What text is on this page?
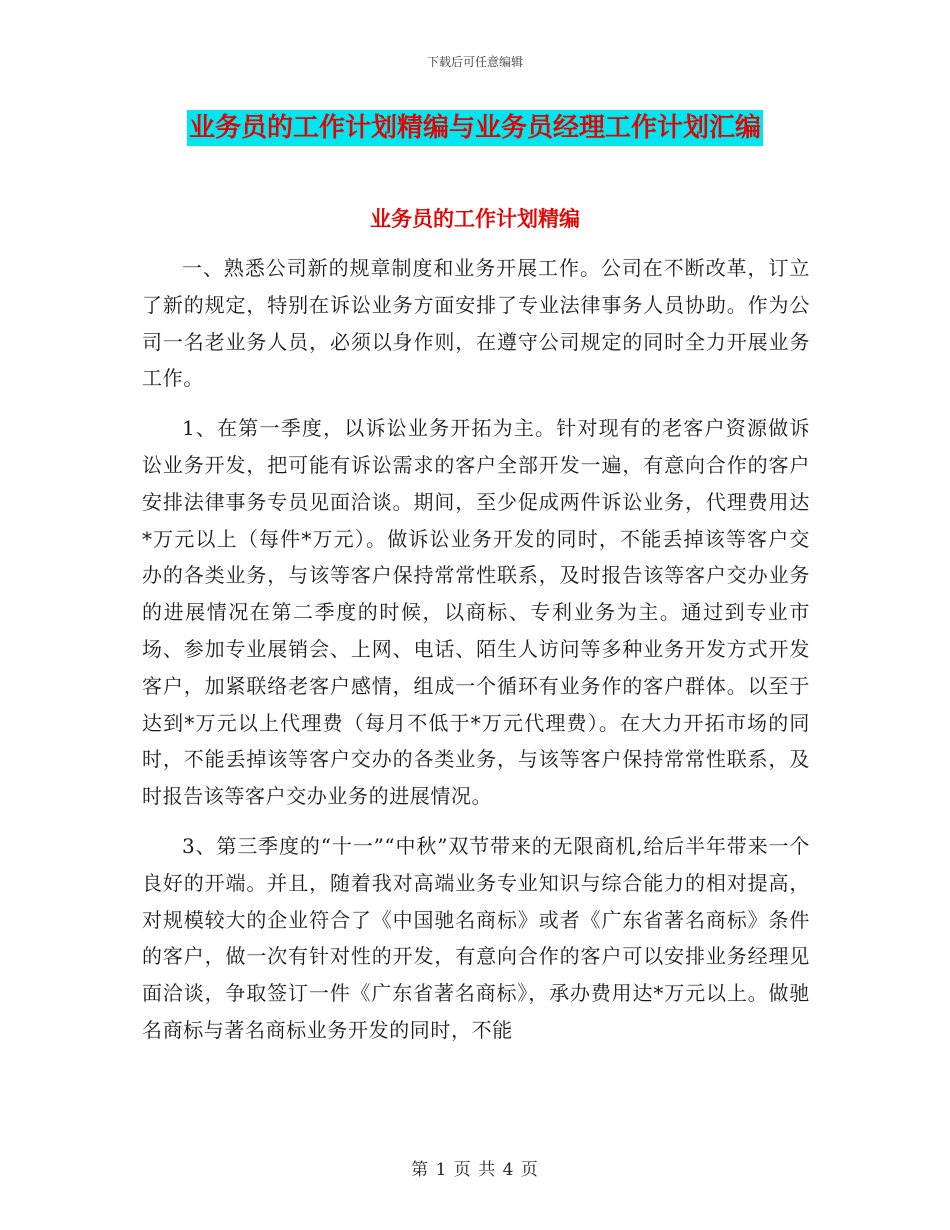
下载后可任意编辑
业务员的工作计划精编与业务员经理工作计划汇编
业务员的工作计划精编

一、熟悉公司新的规章制度和业务开展工作。公司在不断改革，订立了新的规定，特别在诉讼业务方面安排了专业法律事务人员协助。作为公司一名老业务人员，必须以身作则，在遵守公司规定的同时全力开展业务工作。

1、在第一季度，以诉讼业务开拓为主。针对现有的老客户资源做诉讼业务开发，把可能有诉讼需求的客户全部开发一遍，有意向合作的客户安排法律事务专员见面洽谈。期间，至少促成两件诉讼业务，代理费用达*万元以上（每件*万元）。做诉讼业务开发的同时，不能丢掉该等客户交办的各类业务，与该等客户保持常常性联系，及时报告该等客户交办业务的进展情况在第二季度的时候，以商标、专利业务为主。通过到专业市场、参加专业展销会、上网、电话、陌生人访问等多种业务开发方式开发客户，加紧联络老客户感情，组成一个循环有业务作的客户群体。以至于达到*万元以上代理费（每月不低于*万元代理费）。在大力开拓市场的同时，不能丢掉该等客户交办的各类业务，与该等客户保持常常性联系，及时报告该等客户交办业务的进展情况。

3、第三季度的“十一”“中秋”双节带来的无限商机,给后半年带来一个良好的开端。并且，随着我对高端业务专业知识与综合能力的相对提高，对规模较大的企业符合了《中国驰名商标》或者《广东省著名商标》条件的客户，做一次有针对性的开发，有意向合作的客户可以安排业务经理见面洽谈，争取签订一件《广东省著名商标》，承办费用达*万元以上。做驰名商标与著名商标业务开发的同时，不能

第 1 页 共 4 页
